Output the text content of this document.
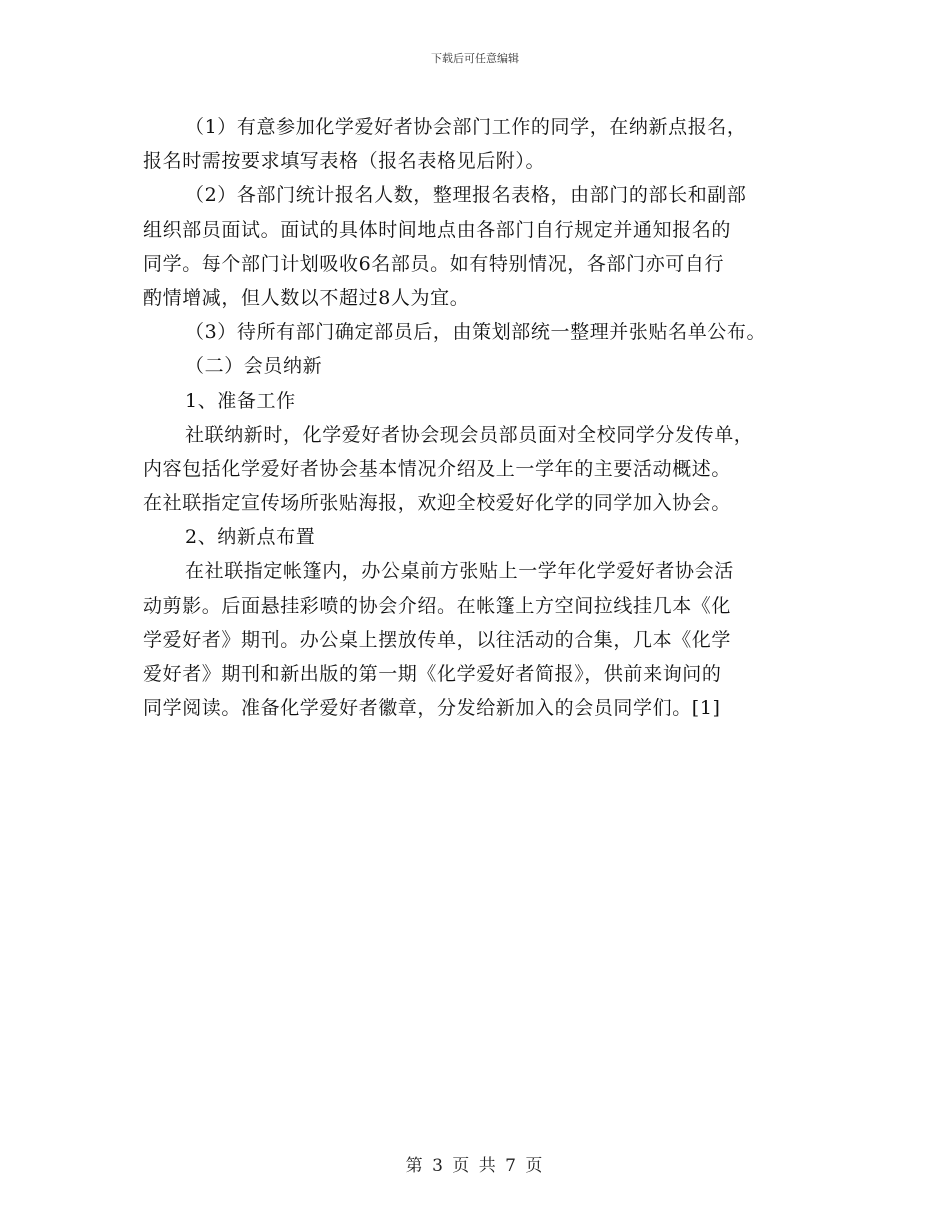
下载后可任意编辑
（1）有意参加化学爱好者协会部门工作的同学，在纳新点报名，
报名时需按要求填写表格（报名表格见后附）。
（2）各部门统计报名人数，整理报名表格，由部门的部长和副部
组织部员面试。面试的具体时间地点由各部门自行规定并通知报名的
同学。每个部门计划吸收6名部员。如有特别情况，各部门亦可自行
酌情增减，但人数以不超过8人为宜。
（3）待所有部门确定部员后，由策划部统一整理并张贴名单公布。
（二）会员纳新
1、准备工作
社联纳新时，化学爱好者协会现会员部员面对全校同学分发传单，
内容包括化学爱好者协会基本情况介绍及上一学年的主要活动概述。
在社联指定宣传场所张贴海报，欢迎全校爱好化学的同学加入协会。
2、纳新点布置
在社联指定帐篷内，办公桌前方张贴上一学年化学爱好者协会活
动剪影。后面悬挂彩喷的协会介绍。在帐篷上方空间拉线挂几本《化
学爱好者》期刊。办公桌上摆放传单，以往活动的合集，几本《化学
爱好者》期刊和新出版的第一期《化学爱好者简报》，供前来询问的
同学阅读。准备化学爱好者徽章，分发给新加入的会员同学们。[1]
第 3 页 共 7 页
